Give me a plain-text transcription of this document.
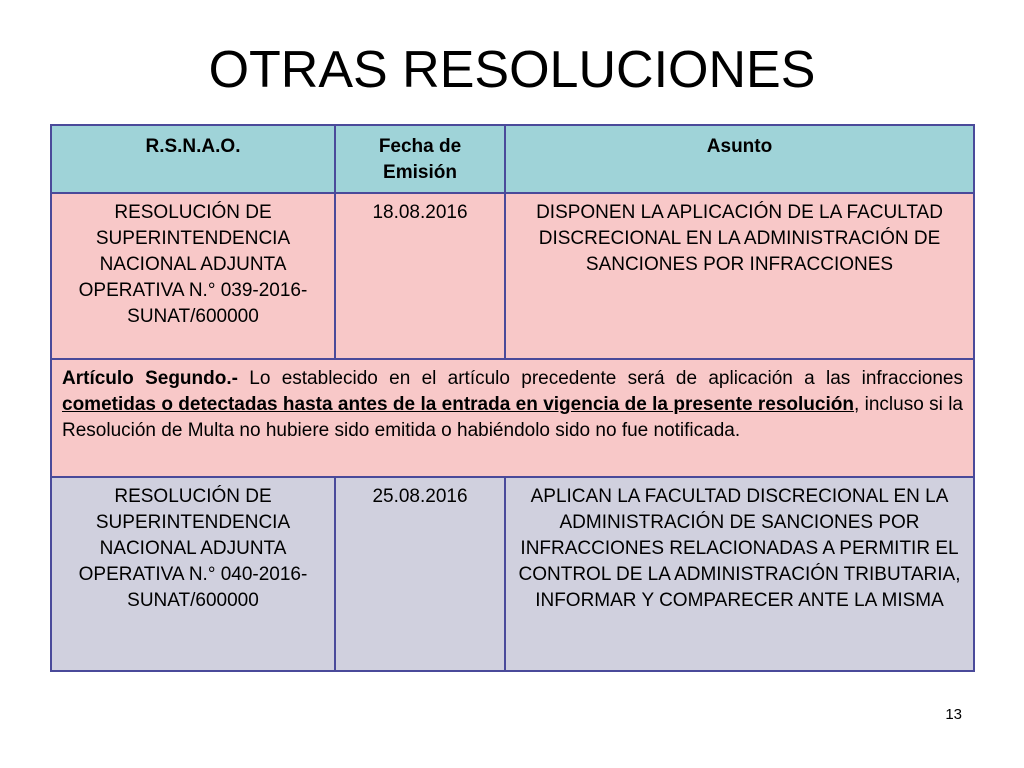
OTRAS RESOLUCIONES
R.S.N.A.O.	Fecha de Emisión	Asunto
RESOLUCIÓN DE SUPERINTENDENCIA NACIONAL ADJUNTA OPERATIVA N.° 039-2016-SUNAT/600000	18.08.2016	DISPONEN LA APLICACIÓN DE LA FACULTAD DISCRECIONAL EN LA ADMINISTRACIÓN DE SANCIONES POR INFRACCIONES
Artículo Segundo.- Lo establecido en el artículo precedente será de aplicación a las infracciones cometidas o detectadas hasta antes de la entrada en vigencia de la presente resolución, incluso si la Resolución de Multa no hubiere sido emitida o habiéndolo sido no fue notificada.		
RESOLUCIÓN DE SUPERINTENDENCIA NACIONAL ADJUNTA OPERATIVA N.° 040-2016-SUNAT/600000	25.08.2016	APLICAN LA FACULTAD DISCRECIONAL EN LA ADMINISTRACIÓN DE SANCIONES POR INFRACCIONES RELACIONADAS A PERMITIR EL CONTROL DE LA ADMINISTRACIÓN TRIBUTARIA, INFORMAR Y COMPARECER ANTE LA MISMA
13
